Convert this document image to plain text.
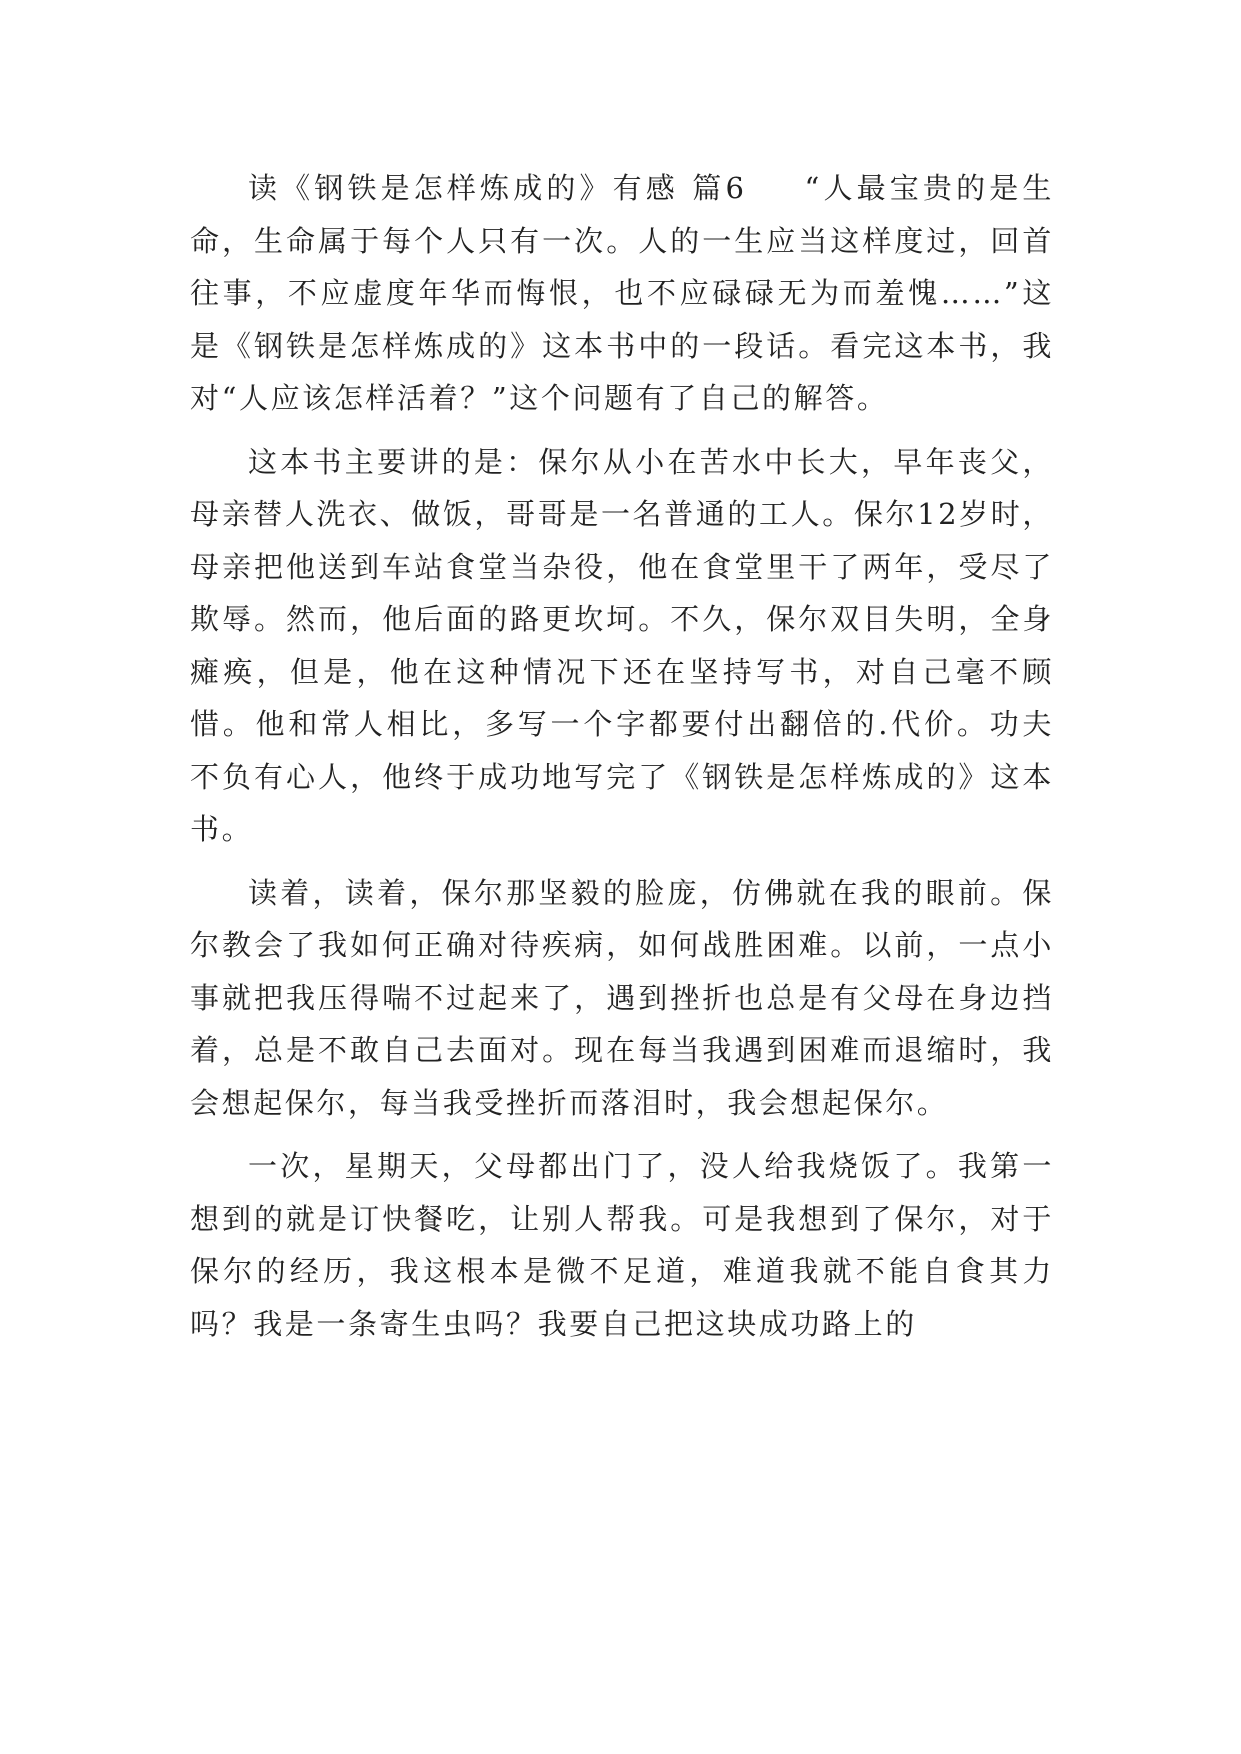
读《钢铁是怎样炼成的》有感 篇6 “人最宝贵的是生命，生命属于每个人只有一次。人的一生应当这样度过，回首往事，不应虚度年华而悔恨，也不应碌碌无为而羞愧……”这是《钢铁是怎样炼成的》这本书中的一段话。看完这本书，我对“人应该怎样活着？”这个问题有了自己的解答。

这本书主要讲的是：保尔从小在苦水中长大，早年丧父，母亲替人洗衣、做饭，哥哥是一名普通的工人。保尔12岁时，母亲把他送到车站食堂当杂役，他在食堂里干了两年，受尽了欺辱。然而，他后面的路更坎坷。不久，保尔双目失明，全身瘫痪，但是，他在这种情况下还在坚持写书，对自己毫不顾惜。他和常人相比，多写一个字都要付出翻倍的.代价。功夫不负有心人，他终于成功地写完了《钢铁是怎样炼成的》这本书。

读着，读着，保尔那坚毅的脸庞，仿佛就在我的眼前。保尔教会了我如何正确对待疾病，如何战胜困难。以前，一点小事就把我压得喘不过起来了，遇到挫折也总是有父母在身边挡着，总是不敢自己去面对。现在每当我遇到困难而退缩时，我会想起保尔，每当我受挫折而落泪时，我会想起保尔。

一次，星期天，父母都出门了，没人给我烧饭了。我第一想到的就是订快餐吃，让别人帮我。可是我想到了保尔，对于保尔的经历，我这根本是微不足道，难道我就不能自食其力吗？我是一条寄生虫吗？我要自己把这块成功路上的
